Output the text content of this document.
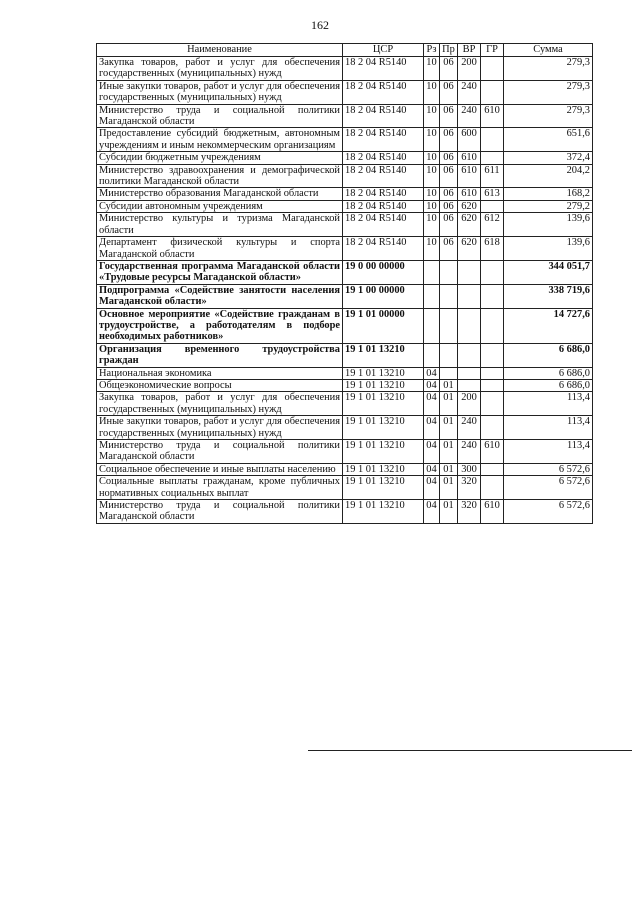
162
Наименование	ЦСР	Рз	Пр	ВР	ГР	Сумма
Закупка товаров, работ и услуг для обеспечения государственных (муниципальных) нужд	18 2 04 R5140	10	06	200		279,3
Иные закупки товаров, работ и услуг для обеспечения государственных (муниципальных) нужд	18 2 04 R5140	10	06	240		279,3
Министерство труда и социальной политики Магаданской области	18 2 04 R5140	10	06	240	610	279,3
Предоставление субсидий бюджетным, автономным учреждениям и иным некоммерческим организациям	18 2 04 R5140	10	06	600		651,6
Субсидии бюджетным учреждениям	18 2 04 R5140	10	06	610		372,4
Министерство здравоохранения и демографической политики Магаданской области	18 2 04 R5140	10	06	610	611	204,2
Министерство образования Магаданской области	18 2 04 R5140	10	06	610	613	168,2
Субсидии автономным учреждениям	18 2 04 R5140	10	06	620		279,2
Министерство культуры и туризма Магаданской области	18 2 04 R5140	10	06	620	612	139,6
Департамент физической культуры и спорта Магаданской области	18 2 04 R5140	10	06	620	618	139,6
Государственная программа Магаданской области «Трудовые ресурсы Магаданской области»	19 0 00 00000					344 051,7
Подпрограмма «Содействие занятости населения Магаданской области»	19 1 00 00000					338 719,6
Основное мероприятие «Содействие гражданам в трудоустройстве, а работодателям в подборе необходимых работников»	19 1 01 00000					14 727,6
Организация временного трудоустройства граждан	19 1 01 13210					6 686,0
Национальная экономика	19 1 01 13210	04				6 686,0
Общеэкономические вопросы	19 1 01 13210	04	01			6 686,0
Закупка товаров, работ и услуг для обеспечения государственных (муниципальных) нужд	19 1 01 13210	04	01	200		113,4
Иные закупки товаров, работ и услуг для обеспечения государственных (муниципальных) нужд	19 1 01 13210	04	01	240		113,4
Министерство труда и социальной политики Магаданской области	19 1 01 13210	04	01	240	610	113,4
Социальное обеспечение и иные выплаты населению	19 1 01 13210	04	01	300		6 572,6
Социальные выплаты гражданам, кроме публичных нормативных социальных выплат	19 1 01 13210	04	01	320		6 572,6
Министерство труда и социальной политики Магаданской области	19 1 01 13210	04	01	320	610	6 572,6
